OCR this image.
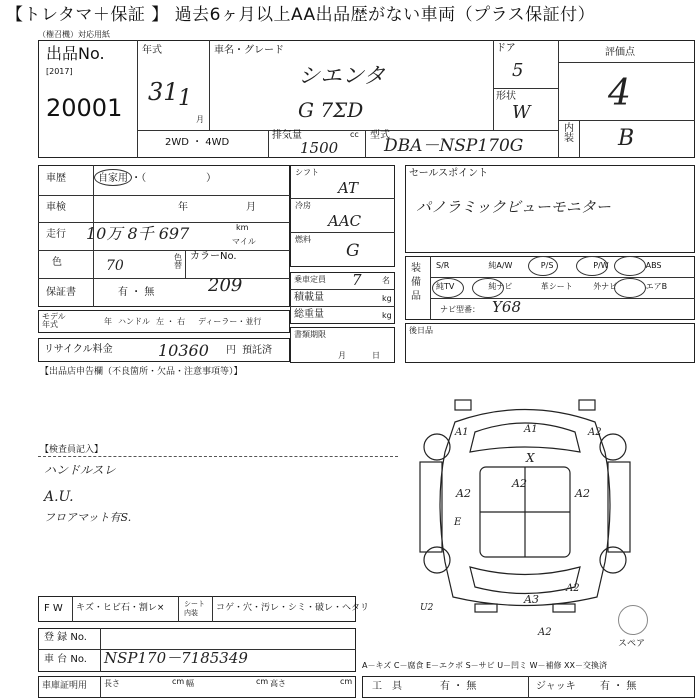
【トレタマ＋保証 】 過去6ヶ月以上AA出品歴がない車両（プラス保証付）
（権召機）対応用紙
出品No.
[2017]
20001
年式
31 1
月
車名・グレード
シエンタ
G 7ΣD
ドア
5
形状
W
評価点
4
内装 B
2WD ・ 4WD
排気量	cc
1500
型式
DBA－NSP170G
車歴	自家用 ・（　　　　　　）
車検	年	月
走行 10万 8千 697	km
マイル
色	70
色替
カラーNo.
209
保証書	有 ・ 無
モデル年式	年 ハンドル 左 ・ 右 ディーラー・並行
リサイクル料金	10360 円 預託済
シフト
AT
冷房
AAC
燃料
G
乗車定員 7	名
積載量	kg
総重量	kg
書類期限
月	日
セールスポイント
パノラミックビューモニター
装備品
S/R	純A/W	P/S	P/W	ABS
純TV	純ナビ	革シート	外ナビ	エアB
ナビ型番： Y68
後日品
【出品店申告欄（不良箇所・欠品・注意事項等）】
【検査員記入】
ハンドルスレ
A.U.
フロアマット有S.
A1	A1	A2
X
A2
A2	A2
E
A3
A2
A2
U2
スペア
F W キズ・ヒビ石・割レ×	シート内装	コゲ・穴・汚レ・シミ・破レ・ヘタリ
登 録 No.
車 台 No. NSP170－7185349	A－キズ C－腐食 E－エクボ S－サビ U－凹ミ W－補修 XX－交換済
車庫証明用 長さ	cm 幅	cm 高さ	cm 工　具	有 ・ 無	ジャッキ 有 ・ 無
